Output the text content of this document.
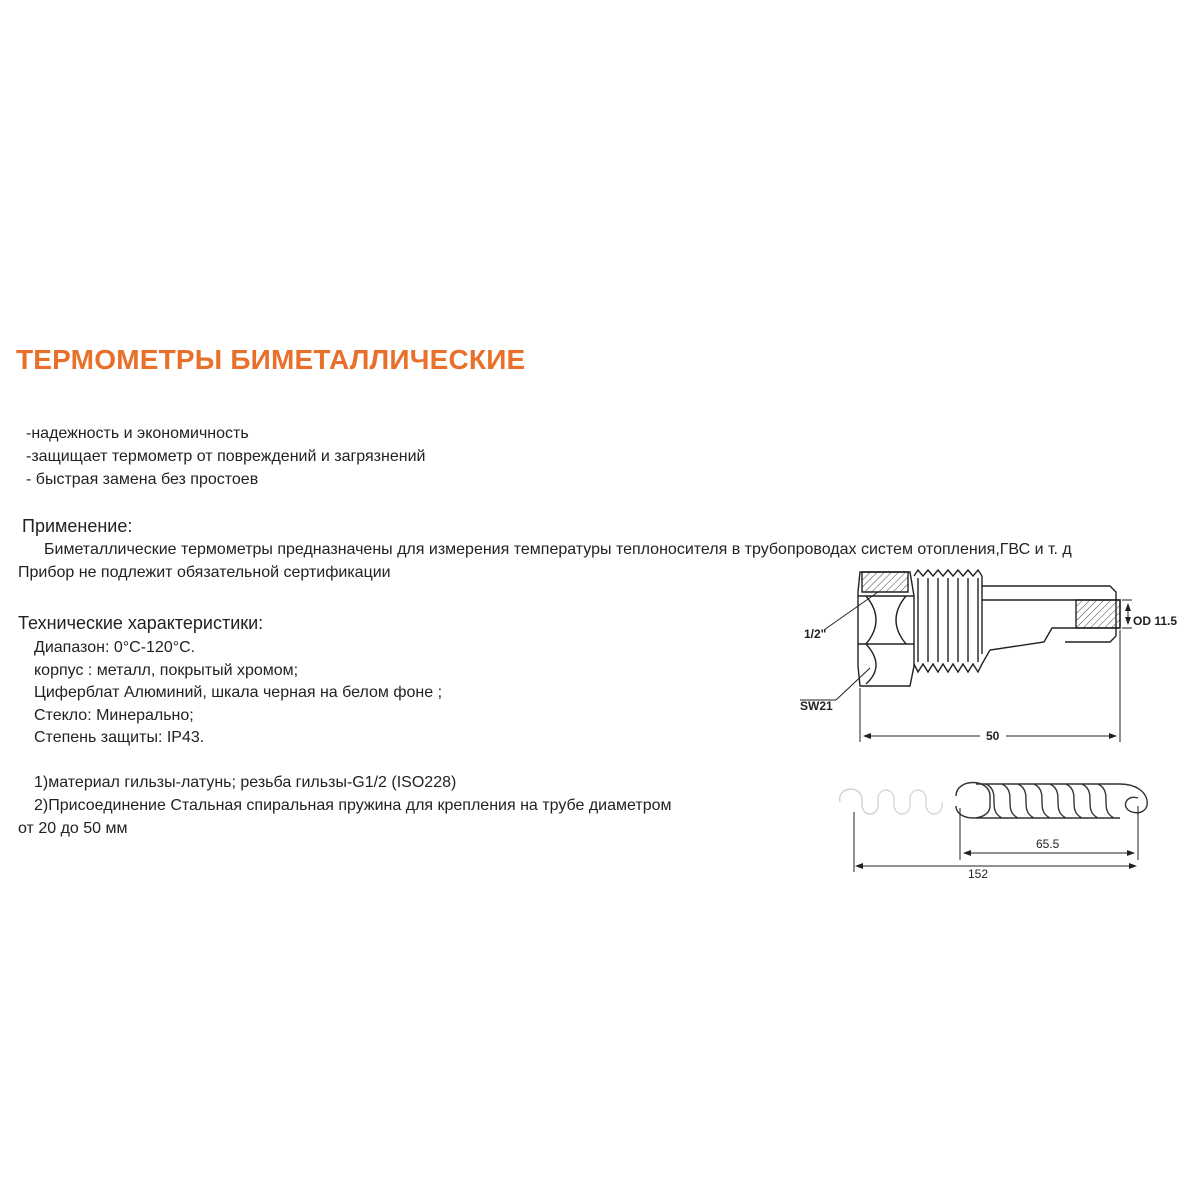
ТЕРМОМЕТРЫ БИМЕТАЛЛИЧЕСКИЕ
-надежность и экономичность
-защищает термометр от повреждений и загрязнений
- быстрая замена без простоев
Применение:
Биметаллические термометры предназначены для измерения температуры теплоносителя в трубопроводах систем отопления,ГВС и т. д
Прибор не подлежит обязательной сертификации
Технические характеристики:
Диапазон: 0°С-120°С.
корпус : металл, покрытый хромом;
Циферблат Алюминий, шкала черная на белом фоне ;
Стекло: Минерально;
Степень защиты: IP43.
1)материал гильзы-латунь; резьба гильзы-G1/2 (ISO228)
2)Присоединение Стальная спиральная пружина для крепления на трубе диаметром
от 20 до 50 мм
OD 11.5
1/2"
SW21
50
65.5
152
